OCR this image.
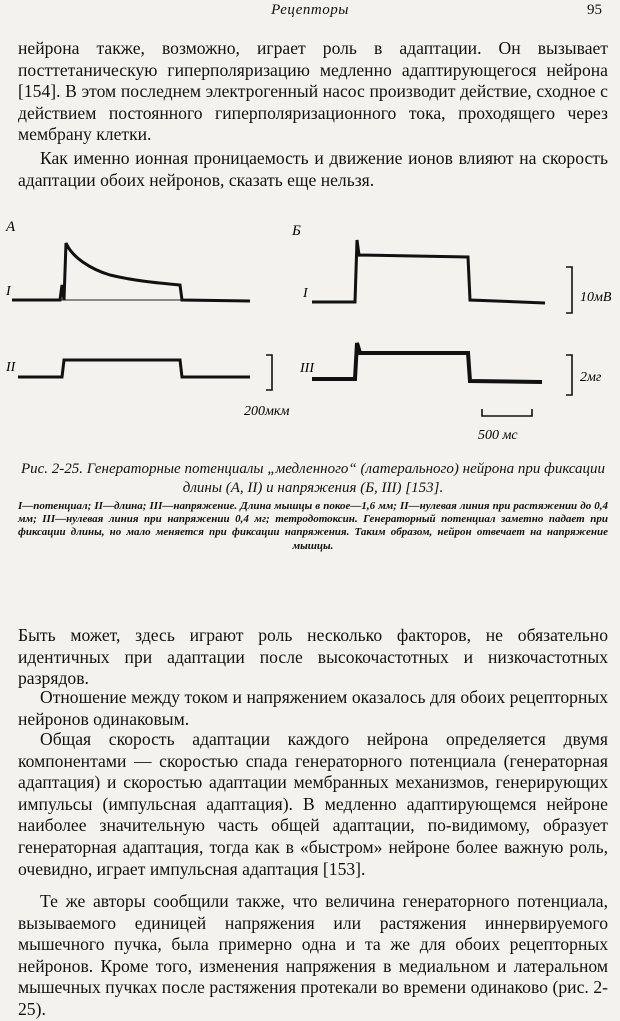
Рецепторы	95

нейрона также, возможно, играет роль в адаптации. Он вызывает посттетаническую гиперполяризацию медленно адаптирующегося нейрона [154]. В этом последнем электрогенный насос производит действие, сходное с действием постоянного гиперполяризационного тока, проходящего через мембрану клетки.

Как именно ионная проницаемость и движение ионов влияют на скорость адаптации обоих нейронов, сказать еще нельзя.

А	Б
I
II
200мкм
I	10мВ
III
2мг
500 мс
Рис. 2-25. Генераторные потенциалы „медленного“ (латерального) нейрона при фиксации длины (А, II) и напряжения (Б, III) [153].
I—потенциал; II—длина; III—напряжение. Длина мышцы в покое—1,6 мм; II—нулевая линия при растяжении до 0,4 мм; III—нулевая линия при напряжении 0,4 мг; тетродотоксин. Генераторный потенциал заметно падает при фиксации длины, но мало меняется при фиксации напряжения. Таким образом, нейрон отвечает на напряжение мышцы.

Быть может, здесь играют роль несколько факторов, не обязательно идентичных при адаптации после высокочастотных и низкочастотных разрядов.

Отношение между током и напряжением оказалось для обоих рецепторных нейронов одинаковым.

Общая скорость адаптации каждого нейрона определяется двумя компонентами — скоростью спада генераторного потенциала (генераторная адаптация) и скоростью адаптации мембранных механизмов, генерирующих импульсы (импульсная адаптация). В медленно адаптирующемся нейроне наиболее значительную часть общей адаптации, по-видимому, образует генераторная адаптация, тогда как в «быстром» нейроне более важную роль, очевидно, играет импульсная адаптация [153].

Те же авторы сообщили также, что величина генераторного потенциала, вызываемого единицей напряжения или растяжения иннервируемого мышечного пучка, была примерно одна и та же для обоих рецепторных нейронов. Кроме того, изменения напряжения в медиальном и латеральном мышечных пучках после растяжения протекали во времени одинаково (рис. 2-25).
